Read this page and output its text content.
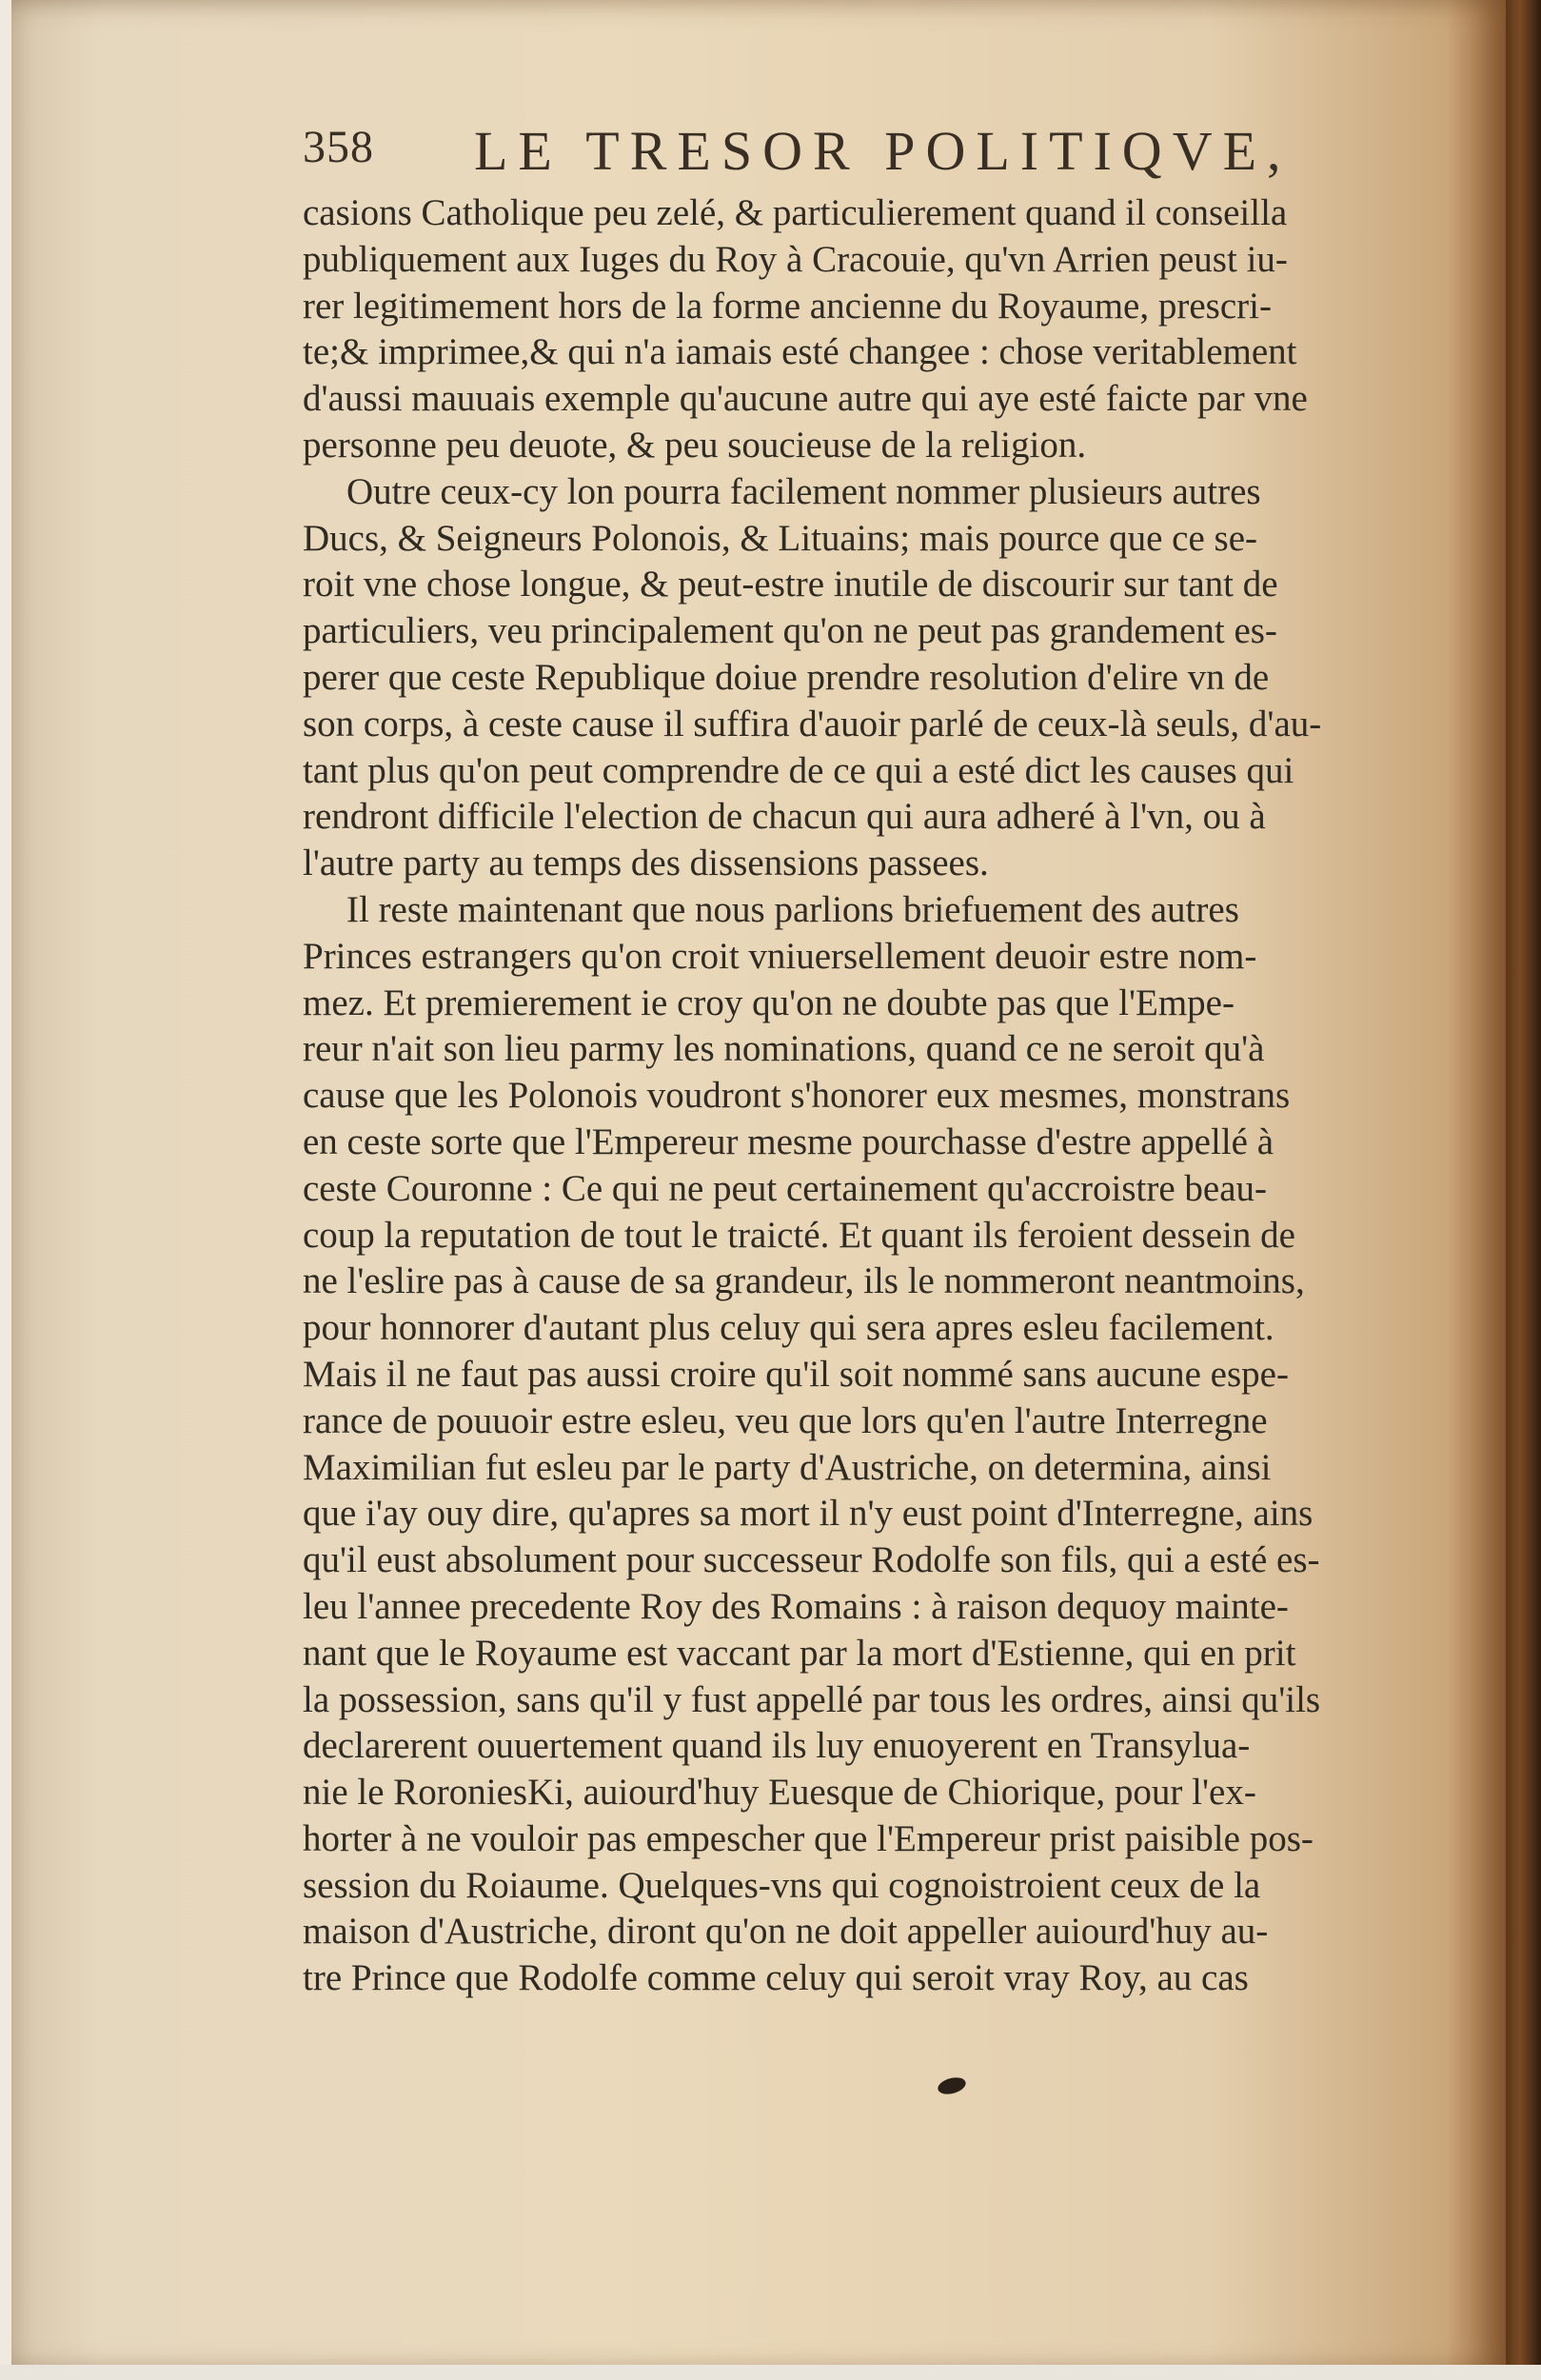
358 LE TRESOR POLITIQVE,
casions Catholique peu zelé, & particulierement quand il conseilla
publiquement aux Iuges du Roy à Cracouie, qu'vn Arrien peust iu-
rer legitimement hors de la forme ancienne du Royaume, prescri-
te;& imprimee,& qui n'a iamais esté changee : chose veritablement
d'aussi mauuais exemple qu'aucune autre qui aye esté faicte par vne
personne peu deuote, & peu soucieuse de la religion.
Outre ceux-cy lon pourra facilement nommer plusieurs autres
Ducs, & Seigneurs Polonois, & Lituains; mais pource que ce se-
roit vne chose longue, & peut-estre inutile de discourir sur tant de
particuliers, veu principalement qu'on ne peut pas grandement es-
perer que ceste Republique doiue prendre resolution d'elire vn de
son corps, à ceste cause il suffira d'auoir parlé de ceux-là seuls, d'au-
tant plus qu'on peut comprendre de ce qui a esté dict les causes qui
rendront difficile l'election de chacun qui aura adheré à l'vn, ou à
l'autre party au temps des dissensions passees.
Il reste maintenant que nous parlions briefuement des autres
Princes estrangers qu'on croit vniuersellement deuoir estre nom-
mez. Et premierement ie croy qu'on ne doubte pas que l'Empe-
reur n'ait son lieu parmy les nominations, quand ce ne seroit qu'à
cause que les Polonois voudront s'honorer eux mesmes, monstrans
en ceste sorte que l'Empereur mesme pourchasse d'estre appellé à
ceste Couronne : Ce qui ne peut certainement qu'accroistre beau-
coup la reputation de tout le traicté. Et quant ils feroient dessein de
ne l'eslire pas à cause de sa grandeur, ils le nommeront neantmoins,
pour honnorer d'autant plus celuy qui sera apres esleu facilement.
Mais il ne faut pas aussi croire qu'il soit nommé sans aucune espe-
rance de pouuoir estre esleu, veu que lors qu'en l'autre Interregne
Maximilian fut esleu par le party d'Austriche, on determina, ainsi
que i'ay ouy dire, qu'apres sa mort il n'y eust point d'Interregne, ains
qu'il eust absolument pour successeur Rodolfe son fils, qui a esté es-
leu l'annee precedente Roy des Romains : à raison dequoy mainte-
nant que le Royaume est vaccant par la mort d'Estienne, qui en prit
la possession, sans qu'il y fust appellé par tous les ordres, ainsi qu'ils
declarerent ouuertement quand ils luy enuoyerent en Transylua-
nie le RoroniesKi, auiourd'huy Euesque de Chiorique, pour l'ex-
horter à ne vouloir pas empescher que l'Empereur prist paisible pos-
session du Roiaume. Quelques-vns qui cognoistroient ceux de la
maison d'Austriche, diront qu'on ne doit appeller auiourd'huy au-
tre Prince que Rodolfe comme celuy qui seroit vray Roy, au cas
